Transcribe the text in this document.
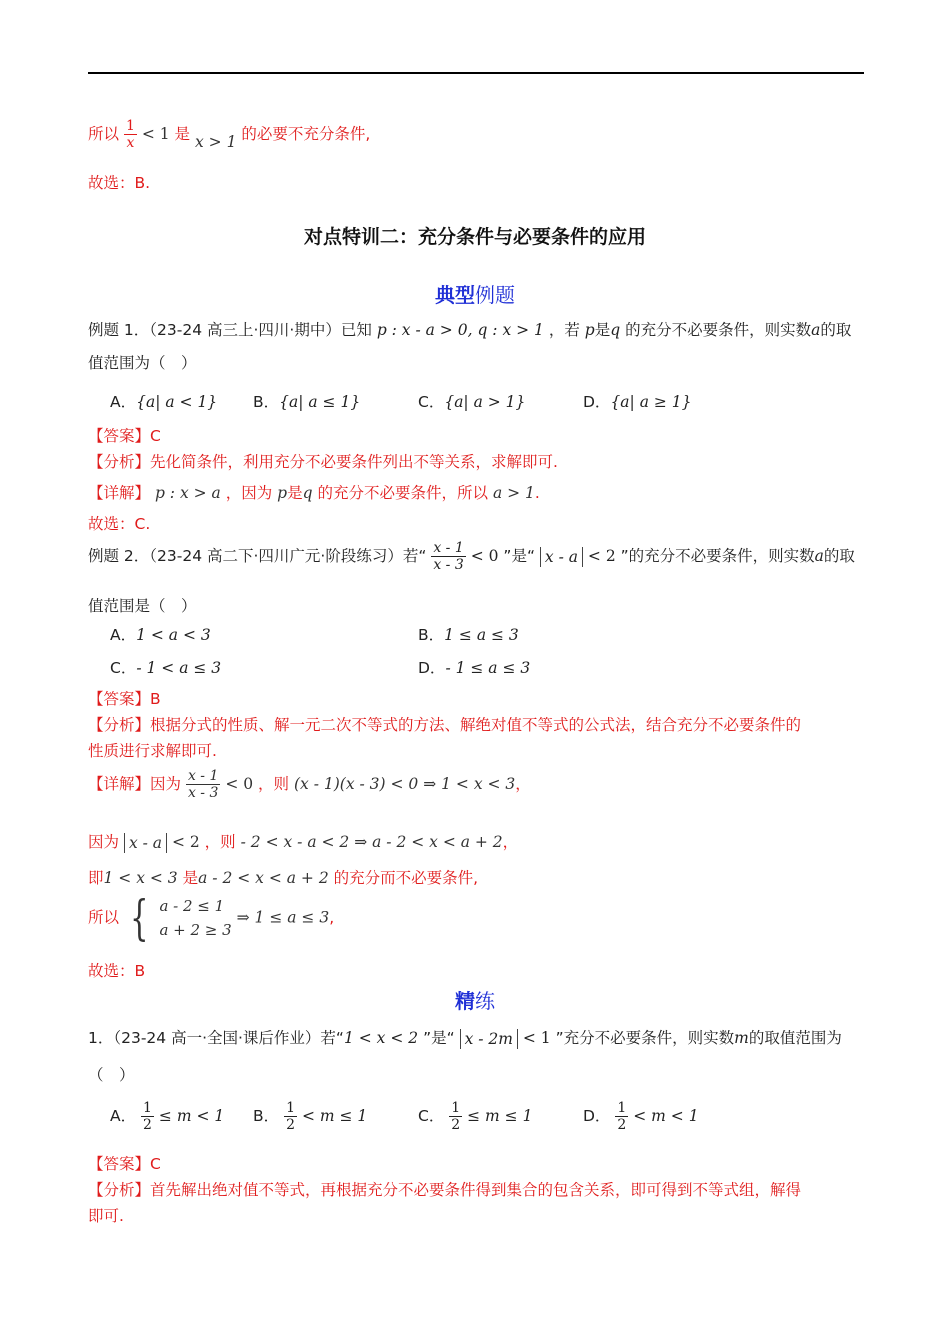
所以 $\frac{1}{x} < 1$ 是 x > 1 的必要不充分条件,
故选：B.
对点特训二：充分条件与必要条件的应用
典型例题
例题 1．（23-24 高三上·四川·期中）已知 p : x - a > 0, q : x > 1 ，若 p是q 的充分不必要条件，则实数a的取
值范围为（　）
A．{a| a < 1} B．{a| a ≤ 1}	C．{a| a > 1}	D．{a| a ≥ 1}
【答案】C
【分析】先化简条件，利用充分不必要条件列出不等关系，求解即可.
【详解】 p : x > a ，因为 p是q 的充分不必要条件，所以 a > 1.
故选：C.
例题 2．（23-24 高二下·四川广元·阶段练习）若“ $\frac{x - 1}{x - 3} < 0$ ”是“ x - a < 2 ”的充分不必要条件，则实数a的取
值范围是（　）
A．1 < a < 3	B．1 ≤ a ≤ 3
C．- 1 < a ≤ 3	D．- 1 ≤ a ≤ 3
【答案】B
【分析】根据分式的性质、解一元二次不等式的方法、解绝对值不等式的公式法，结合充分不必要条件的
性质进行求解即可.
【详解】因为 $\frac{x - 1}{x - 3} < 0$ ，则 (x - 1)(x - 3) < 0 ⇒ 1 < x < 3，
因为 x - a < 2 ，则 - 2 < x - a < 2 ⇒ a - 2 < x < a + 2，
即1 < x < 3 是a - 2 < x < a + 2 的充分而不必要条件,
所以 { a - 2 ≤ 1
a + 2 ≥ 3
⇒ 1 ≤ a ≤ 3,
故选：B
精练
1．（23-24 高一·全国·课后作业）若“1 < x < 2 ”是“ x - 2m < 1 ”充分不必要条件，则实数m的取值范围为
（　）
A． $\frac{1}{2} \le m < 1$ B． $\frac{1}{2} < m \le 1$	C． $\frac{1}{2} \le m \le 1$	D． $\frac{1}{2} < m < 1$
【答案】C
【分析】首先解出绝对值不等式，再根据充分不必要条件得到集合的包含关系，即可得到不等式组，解得
即可.
